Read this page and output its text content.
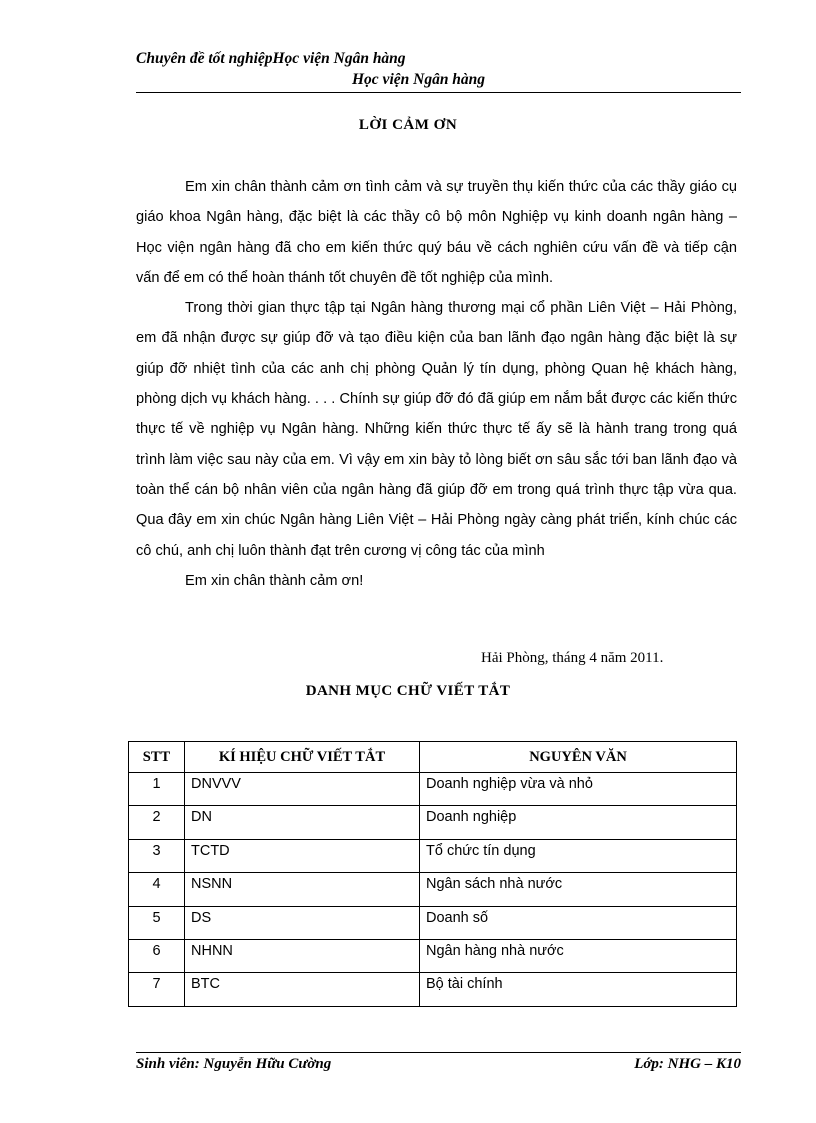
Chuyên đề tốt nghiệpHọc viện Ngân hàng
Học viện Ngân hàng
LỜI CẢM ƠN

Em xin chân thành cảm ơn tình cảm và sự truyền thụ kiến thức của các thầy giáo cụ giáo khoa Ngân hàng, đặc biệt là các thầy cô bộ môn Nghiệp vụ kinh doanh ngân hàng – Học viện ngân hàng đã cho em kiến thức quý báu về cách nghiên cứu vấn đề và tiếp cận vấn để em có thể hoàn thánh tốt chuyên đề tốt nghiệp của mình.

Trong thời gian thực tập tại Ngân hàng thương mại cổ phần Liên Việt – Hải Phòng, em đã nhận được sự giúp đỡ và tạo điều kiện của ban lãnh đạo ngân hàng đặc biệt là sự giúp đỡ nhiệt tình của các anh chị phòng Quản lý tín dụng, phòng Quan hệ khách hàng, phòng dịch vụ khách hàng. . . . Chính sự giúp đỡ đó đã giúp em nắm bắt được các kiến thức thực tế về nghiệp vụ Ngân hàng. Những kiến thức thực tế ấy sẽ là hành trang trong quá trình làm việc sau này của em. Vì vậy em xin bày tỏ lòng biết ơn sâu sắc tới ban lãnh đạo và toàn thể cán bộ nhân viên của ngân hàng đã giúp đỡ em trong quá trình thực tập vừa qua. Qua đây em xin chúc Ngân hàng Liên Việt – Hải Phòng ngày càng phát triển, kính chúc các cô chú, anh chị luôn thành đạt trên cương vị công tác của mình

Em xin chân thành cảm ơn!

Hải Phòng, tháng 4 năm 2011.
DANH MỤC CHỮ VIẾT TẮT
STT	KÍ HIỆU CHỮ VIẾT TẮT	NGUYÊN VĂN
1	DNVVV	Doanh nghiệp vừa và nhỏ
2	DN	Doanh nghiệp
3	TCTD	Tổ chức tín dụng
4	NSNN	Ngân sách nhà nước
5	DS	Doanh số
6	NHNN	Ngân hàng nhà nước
7	BTC	Bộ tài chính
Sinh viên: Nguyễn Hữu Cường	Lớp: NHG – K10
